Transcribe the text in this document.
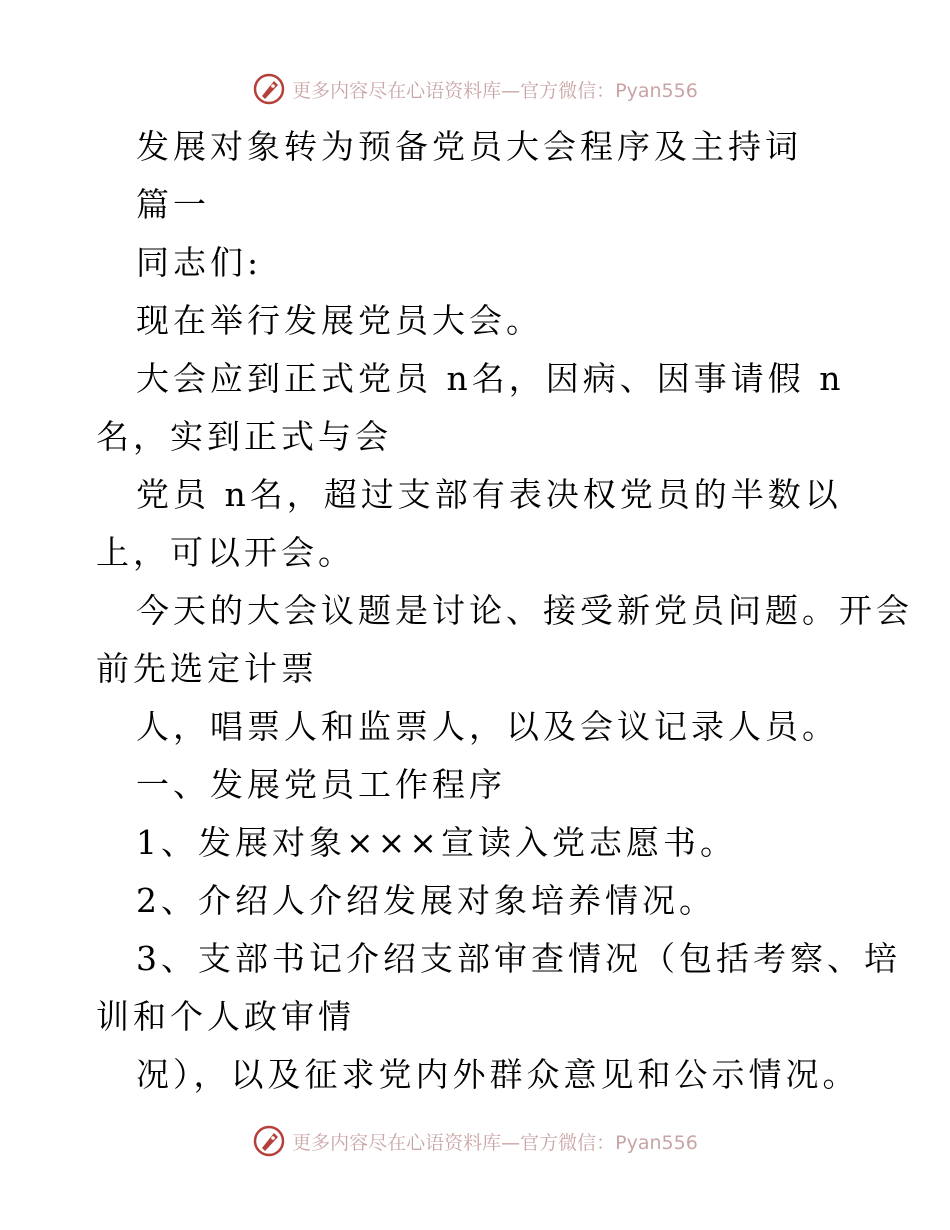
更多内容尽在心语资料库—官方微信：Pyan556
发展对象转为预备党员大会程序及主持词
篇一
同志们:
现在举行发展党员大会。
大会应到正式党员 n名，因病、因事请假 n
名，实到正式与会
党员 n名，超过支部有表决权党员的半数以
上，可以开会。
今天的大会议题是讨论、接受新党员问题。开会
前先选定计票
人，唱票人和监票人，以及会议记录人员。
一、发展党员工作程序
1、发展对象×××宣读入党志愿书。
2、介绍人介绍发展对象培养情况。
3、支部书记介绍支部审查情况（包括考察、培
训和个人政审情
况），以及征求党内外群众意见和公示情况。
更多内容尽在心语资料库—官方微信：Pyan556
